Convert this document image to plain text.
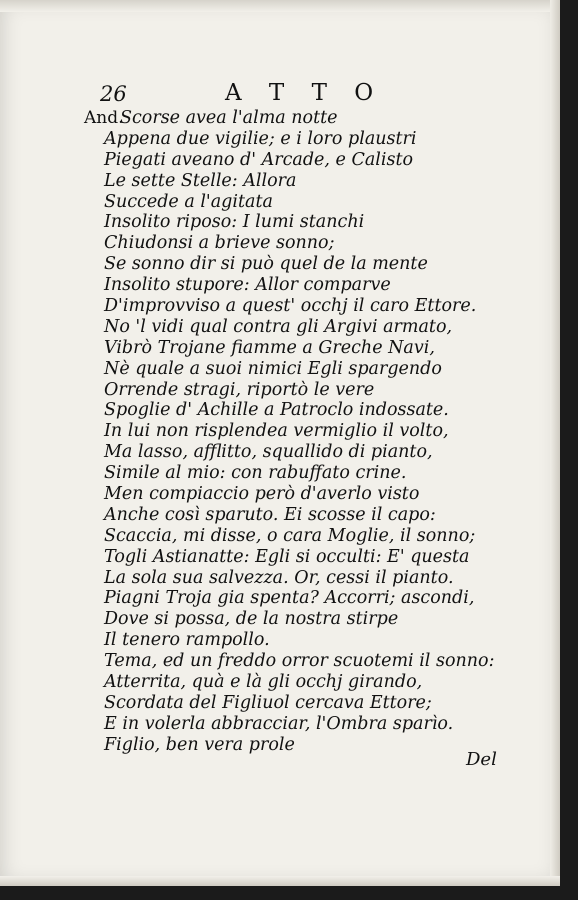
26	A T T O
And.Scorse avea l'alma notte
Appena due vigilie; e i loro plaustri
Piegati aveano d' Arcade, e Calisto
Le sette Stelle: Allora
Succede a l'agitata
Insolito riposo: I lumi stanchi
Chiudonsi a brieve sonno;
Se sonno dir si può quel de la mente
Insolito stupore: Allor comparve
D'improvviso a quest' occhj il caro Ettore.
No 'l vidi qual contra gli Argivi armato,
Vibrò Trojane fiamme a Greche Navi,
Nè quale a suoi nimici Egli spargendo
Orrende stragi, riportò le vere
Spoglie d' Achille a Patroclo indossate.
In lui non risplendea vermiglio il volto,
Ma lasso, afflitto, squallido di pianto,
Simile al mio: con rabuffato crine.
Men compiaccio però d'averlo visto
Anche così sparuto. Ei scosse il capo:
Scaccia, mi disse, o cara Moglie, il sonno;
Togli Astianatte: Egli si occulti: E' questa
La sola sua salvezza. Or, cessi il pianto.
Piagni Troja gia spenta? Accorri; ascondi,
Dove si possa, de la nostra stirpe
Il tenero rampollo.
Tema, ed un freddo orror scuotemi il sonno:
Atterrita, quà e là gli occhj girando,
Scordata del Figliuol cercava Ettore;
E in volerla abbracciar, l'Ombra sparìo.
Figlio, ben vera prole
Del
